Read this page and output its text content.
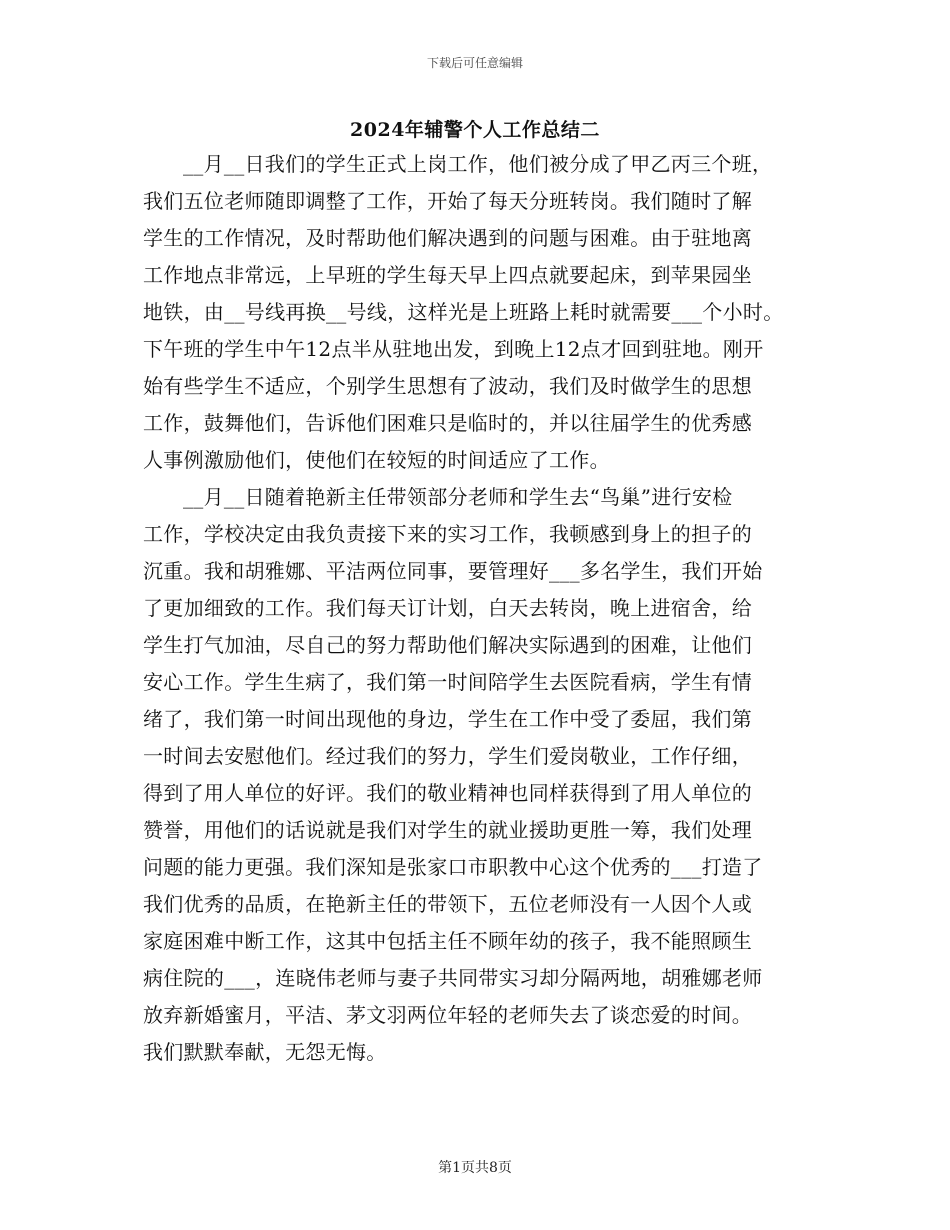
下载后可任意编辑
2024年辅警个人工作总结二
__月__日我们的学生正式上岗工作，他们被分成了甲乙丙三个班，
我们五位老师随即调整了工作，开始了每天分班转岗。我们随时了解
学生的工作情况，及时帮助他们解决遇到的问题与困难。由于驻地离
工作地点非常远，上早班的学生每天早上四点就要起床，到苹果园坐
地铁，由__号线再换__号线，这样光是上班路上耗时就需要___个小时。
下午班的学生中午12点半从驻地出发，到晚上12点才回到驻地。刚开
始有些学生不适应，个别学生思想有了波动，我们及时做学生的思想
工作，鼓舞他们，告诉他们困难只是临时的，并以往届学生的优秀感
人事例激励他们，使他们在较短的时间适应了工作。
__月__日随着艳新主任带领部分老师和学生去“鸟巢”进行安检
工作，学校决定由我负责接下来的实习工作，我顿感到身上的担子的
沉重。我和胡雅娜、平洁两位同事，要管理好___多名学生，我们开始
了更加细致的工作。我们每天订计划，白天去转岗，晚上进宿舍，给
学生打气加油，尽自己的努力帮助他们解决实际遇到的困难，让他们
安心工作。学生生病了，我们第一时间陪学生去医院看病，学生有情
绪了，我们第一时间出现他的身边，学生在工作中受了委屈，我们第
一时间去安慰他们。经过我们的努力，学生们爱岗敬业，工作仔细，
得到了用人单位的好评。我们的敬业精神也同样获得到了用人单位的
赞誉，用他们的话说就是我们对学生的就业援助更胜一筹，我们处理
问题的能力更强。我们深知是张家口市职教中心这个优秀的___打造了
我们优秀的品质，在艳新主任的带领下，五位老师没有一人因个人或
家庭困难中断工作，这其中包括主任不顾年幼的孩子，我不能照顾生
病住院的___，连晓伟老师与妻子共同带实习却分隔两地，胡雅娜老师
放弃新婚蜜月，平洁、茅文羽两位年轻的老师失去了谈恋爱的时间。
我们默默奉献，无怨无悔。
第1页共8页
